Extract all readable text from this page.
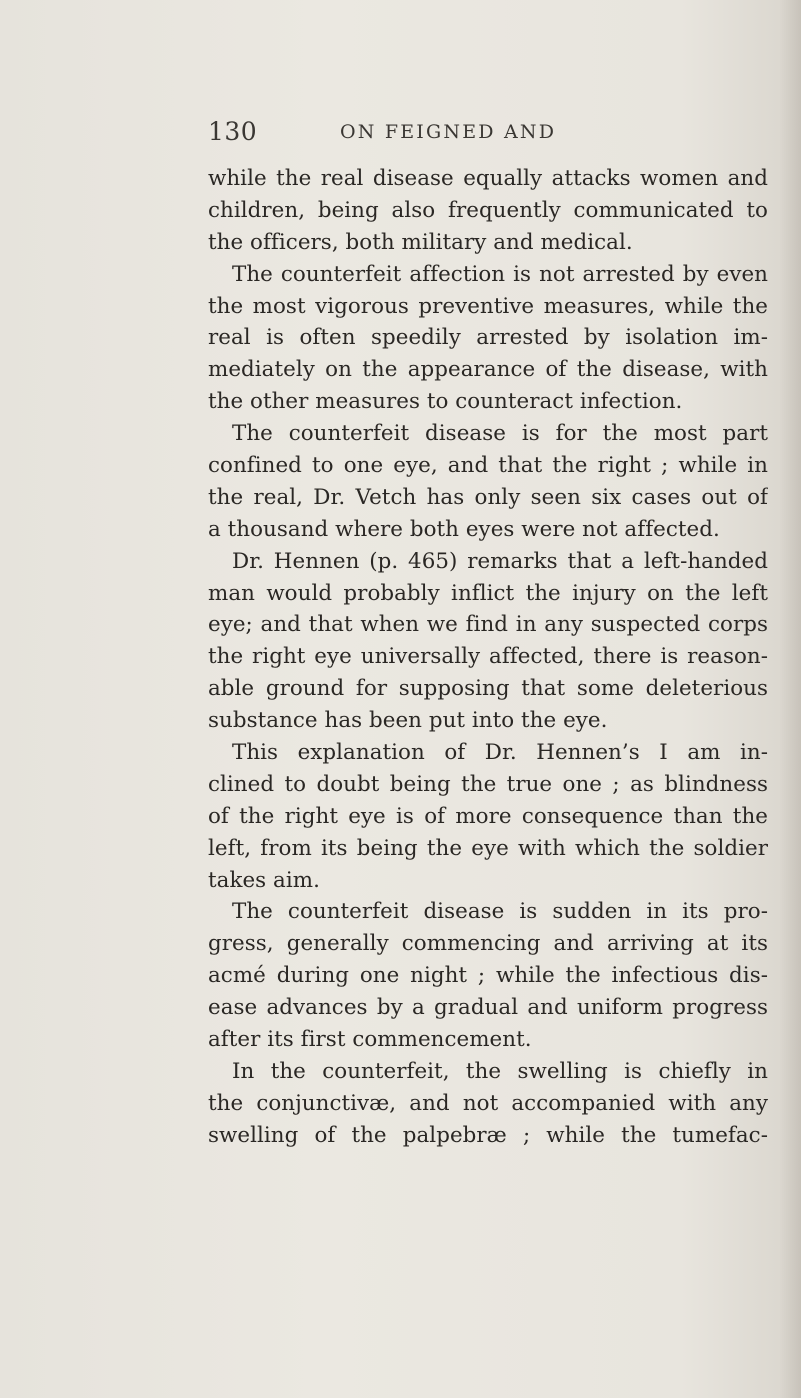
130	ON FEIGNED AND
while the real disease equally attacks women and
children, being also frequently communicated to
the officers, both military and medical.
The counterfeit affection is not arrested by even
the most vigorous preventive measures, while the
real is often speedily arrested by isolation im-
mediately on the appearance of the disease, with
the other measures to counteract infection.
The counterfeit disease is for the most part
confined to one eye, and that the right ; while in
the real, Dr. Vetch has only seen six cases out of
a thousand where both eyes were not affected.
Dr. Hennen (p. 465) remarks that a left-handed
man would probably inflict the injury on the left
eye; and that when we find in any suspected corps
the right eye universally affected, there is reason-
able ground for supposing that some deleterious
substance has been put into the eye.
This explanation of Dr. Hennen’s I am in-
clined to doubt being the true one ; as blindness
of the right eye is of more consequence than the
left, from its being the eye with which the soldier
takes aim.
The counterfeit disease is sudden in its pro-
gress, generally commencing and arriving at its
acmé during one night ; while the infectious dis-
ease advances by a gradual and uniform progress
after its first commencement.
In the counterfeit, the swelling is chiefly in
the conjunctivæ, and not accompanied with any
swelling of the palpebræ ; while the tumefac-
